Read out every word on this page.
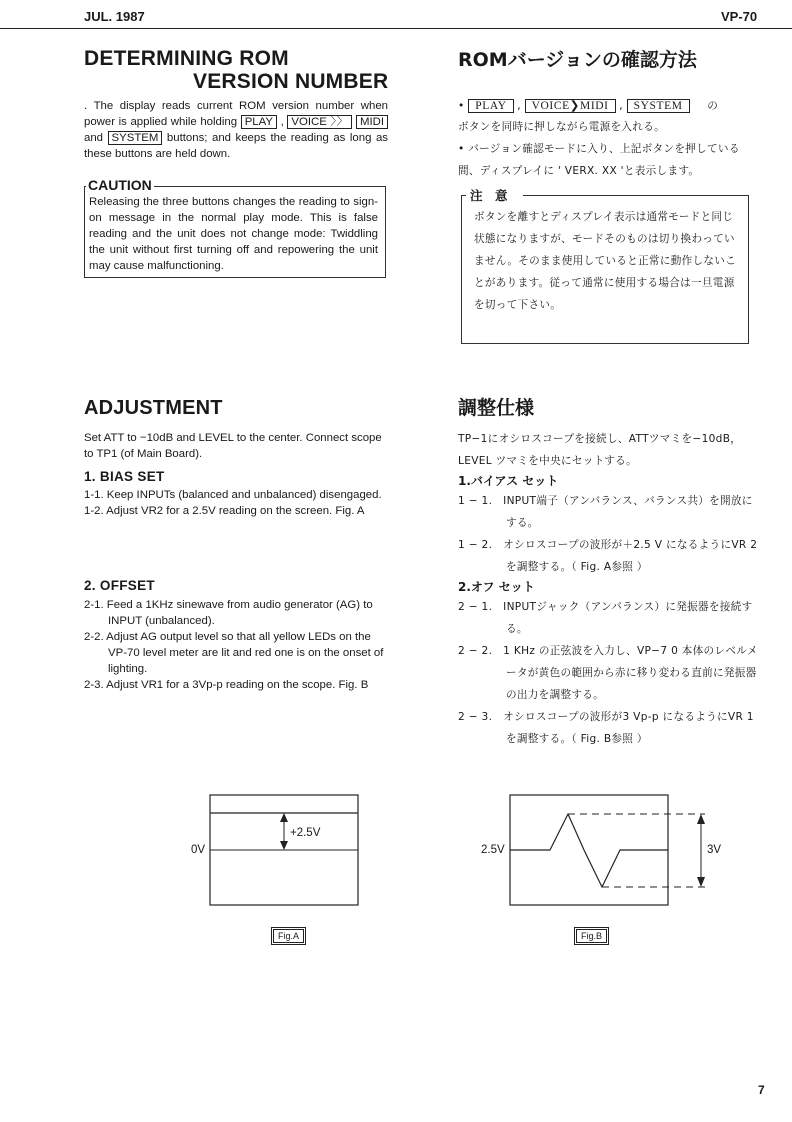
JUL. 1987	VP-70
DETERMINING ROM
VERSION NUMBER
. The display reads current ROM version number when power is applied while holding PLAY , VOICE 〉〉 MIDI and SYSTEM buttons; and keeps the reading as long as these buttons are held down.
CAUTION
Releasing the three buttons changes the reading to sign-on message in the normal play mode. This is false reading and the unit does not change mode: Twiddling the unit without first turning off and repowering the unit may cause malfunctioning.
ROMバージョンの確認方法
• PLAY , VOICE❯MIDI , SYSTEM の
ボタンを同時に押しながら電源を入れる。
• バージョン確認モードに入り、上記ボタンを押している間、ディスプレイに ' VERX. XX 'と表示します。
注　意
ボタンを離すとディスプレイ表示は通常モードと同じ状態になりますが、モードそのものは切り換わっていません。そのまま使用していると正常に動作しないことがあります。従って通常に使用する場合は一旦電源を切って下さい。
ADJUSTMENT
Set ATT to −10dB and LEVEL to the center. Connect scope to TP1 (of Main Board).
1. BIAS SET

1-1. Keep INPUTs (balanced and unbalanced) disengaged.

1-2. Adjust VR2 for a 2.5V reading on the screen. Fig. A

2. OFFSET

2-1. Feed a 1KHz sinewave from audio generator (AG) to INPUT (unbalanced).

2-2. Adjust AG output level so that all yellow LEDs on the VP-70 level meter are lit and red one is on the onset of lighting.

2-3. Adjust VR1 for a 3Vp-p reading on the scope. Fig. B

調整仕様
TP−1にオシロスコープを接続し、ATTツマミを−10dB，LEVEL ツマミを中央にセットする。
1.バイアス セット

1 − 1.　INPUT端子（アンバランス、バランス共）を開放にする。

1 − 2.　オシロスコープの波形が＋2.5 V になるようにVR 2 を調整する。（ Fig. A参照 ）

2.オフ セット

2 − 1.　INPUTジャック（アンバランス）に発振器を接続する。

2 − 2.　1 KHz の正弦波を入力し、VP−7 0 本体のレベルメータが黄色の範囲から赤に移り変わる直前に発振器の出力を調整する。

2 − 3.　オシロスコープの波形が3 Vp-p になるようにVR 1 を調整する。（ Fig. B参照 ）

0V
+2.5V
Fig.A
2.5V	3V
Fig.B
7
